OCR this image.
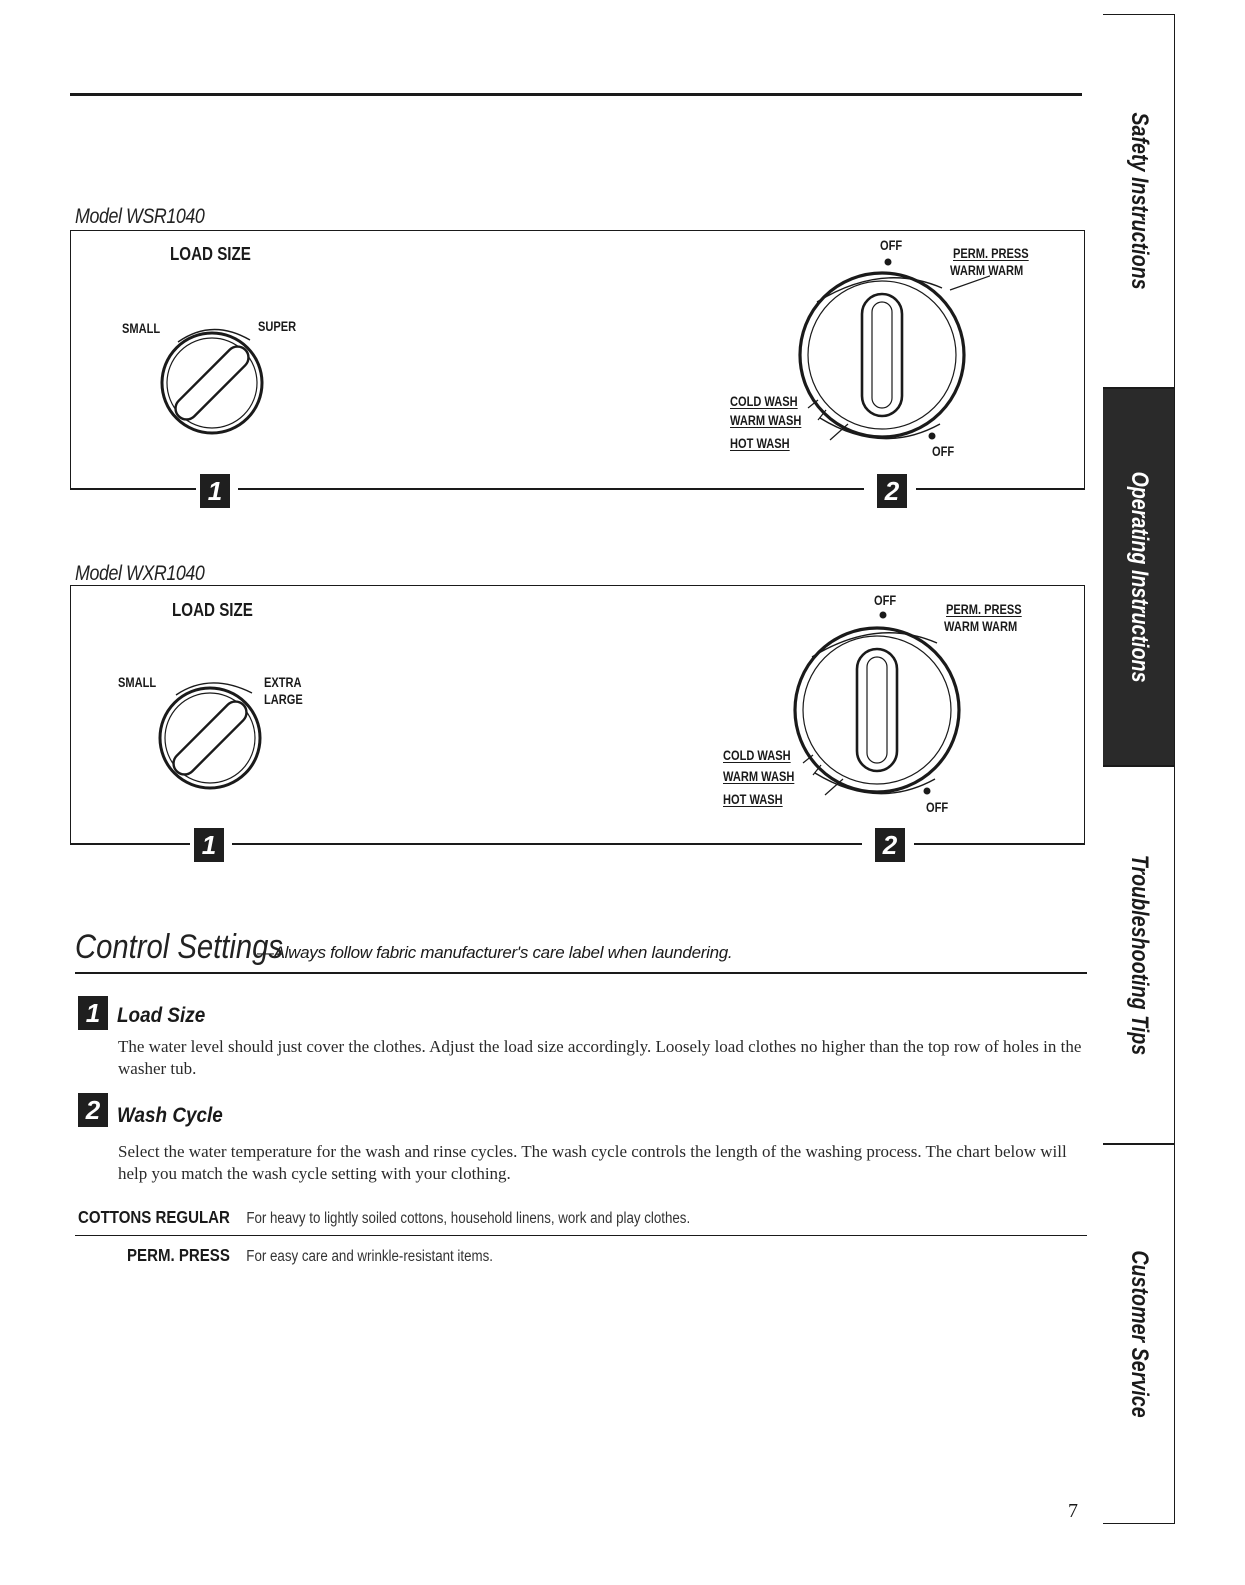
Model WSR1040
1	2
LOAD SIZE
SMALL	SUPER
OFF
PERM. PRESS
WARM WARM
COLD WASH
WARM WASH
HOT WASH
OFF
Model WXR1040
1	2
LOAD SIZE
SMALL	EXTRA
LARGE
OFF
PERM. PRESS
WARM WARM
COLD WASH
WARM WASH
HOT WASH
OFF
Control Settings—Always follow fabric manufacturer's care label when laundering.
1 Load Size
The water level should just cover the clothes. Adjust the load size accordingly. Loosely load clothes no higher than the top row of holes in the washer tub.
2 Wash Cycle
Select the water temperature for the wash and rinse cycles. The wash cycle controls the length of the washing process. The chart below will help you match the wash cycle setting with your clothing.
COTTONS REGULAR For heavy to lightly soiled cottons, household linens, work and play clothes.
PERM. PRESS For easy care and wrinkle-resistant items.
Safety Instructions
Operating Instructions
Troubleshooting Tips
Customer Service
7
